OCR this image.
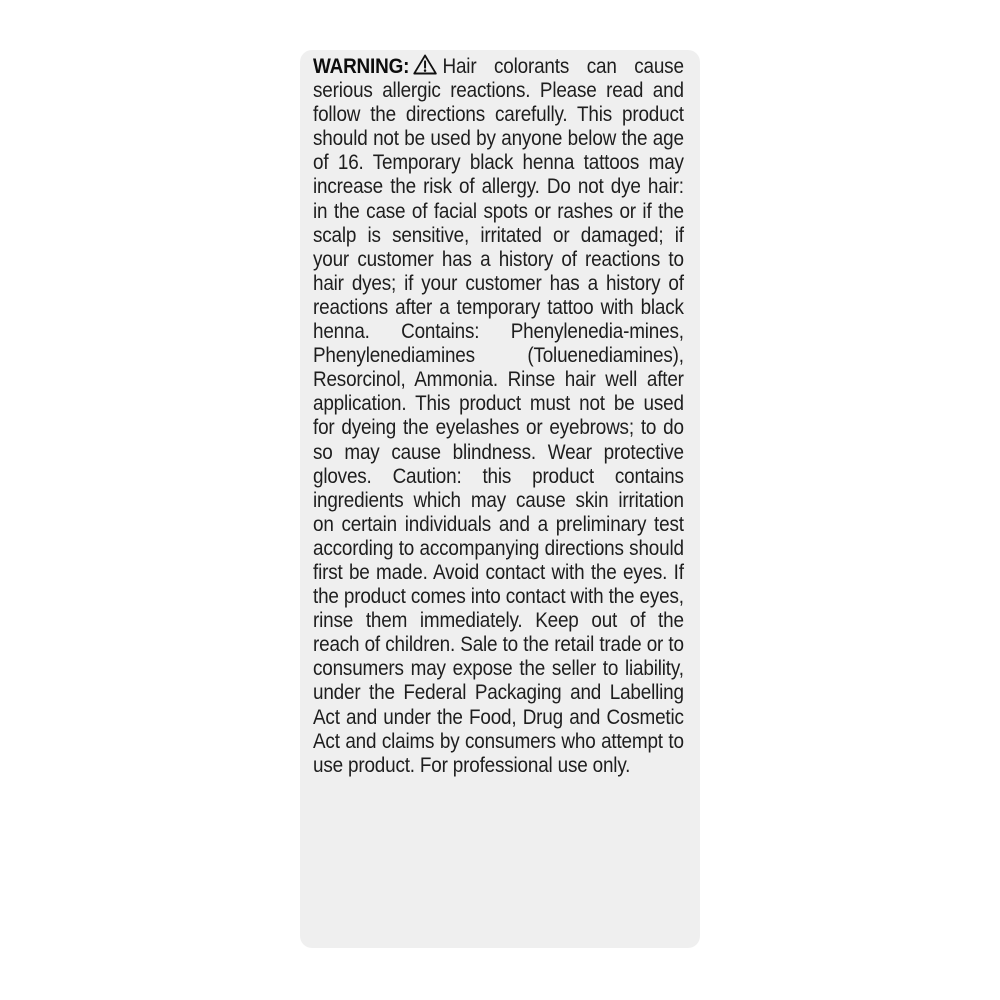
WARNING: Hair colorants can cause serious allergic reactions. Please read and follow the directions carefully. This product should not be used by anyone below the age of 16. Temporary black henna tattoos may increase the risk of allergy. Do not dye hair: in the case of facial spots or rashes or if the scalp is sensitive, irritated or damaged; if your customer has a history of reactions to hair dyes; if your customer has a history of reactions after a temporary tattoo with black henna. Contains: Phenylenedia-mines, Phenylenediamines (Toluenediamines), Resorcinol, Ammonia. Rinse hair well after application. This product must not be used for dyeing the eyelashes or eyebrows; to do so may cause blindness. Wear protective gloves. Caution: this product contains ingredients which may cause skin irritation on certain individuals and a preliminary test according to accompanying directions should first be made. Avoid contact with the eyes. If the product comes into contact with the eyes, rinse them immediately. Keep out of the reach of children. Sale to the retail trade or to consumers may expose the seller to liability, under the Federal Packaging and Labelling Act and under the Food, Drug and Cosmetic Act and claims by consumers who attempt to use product. For professional use only.
